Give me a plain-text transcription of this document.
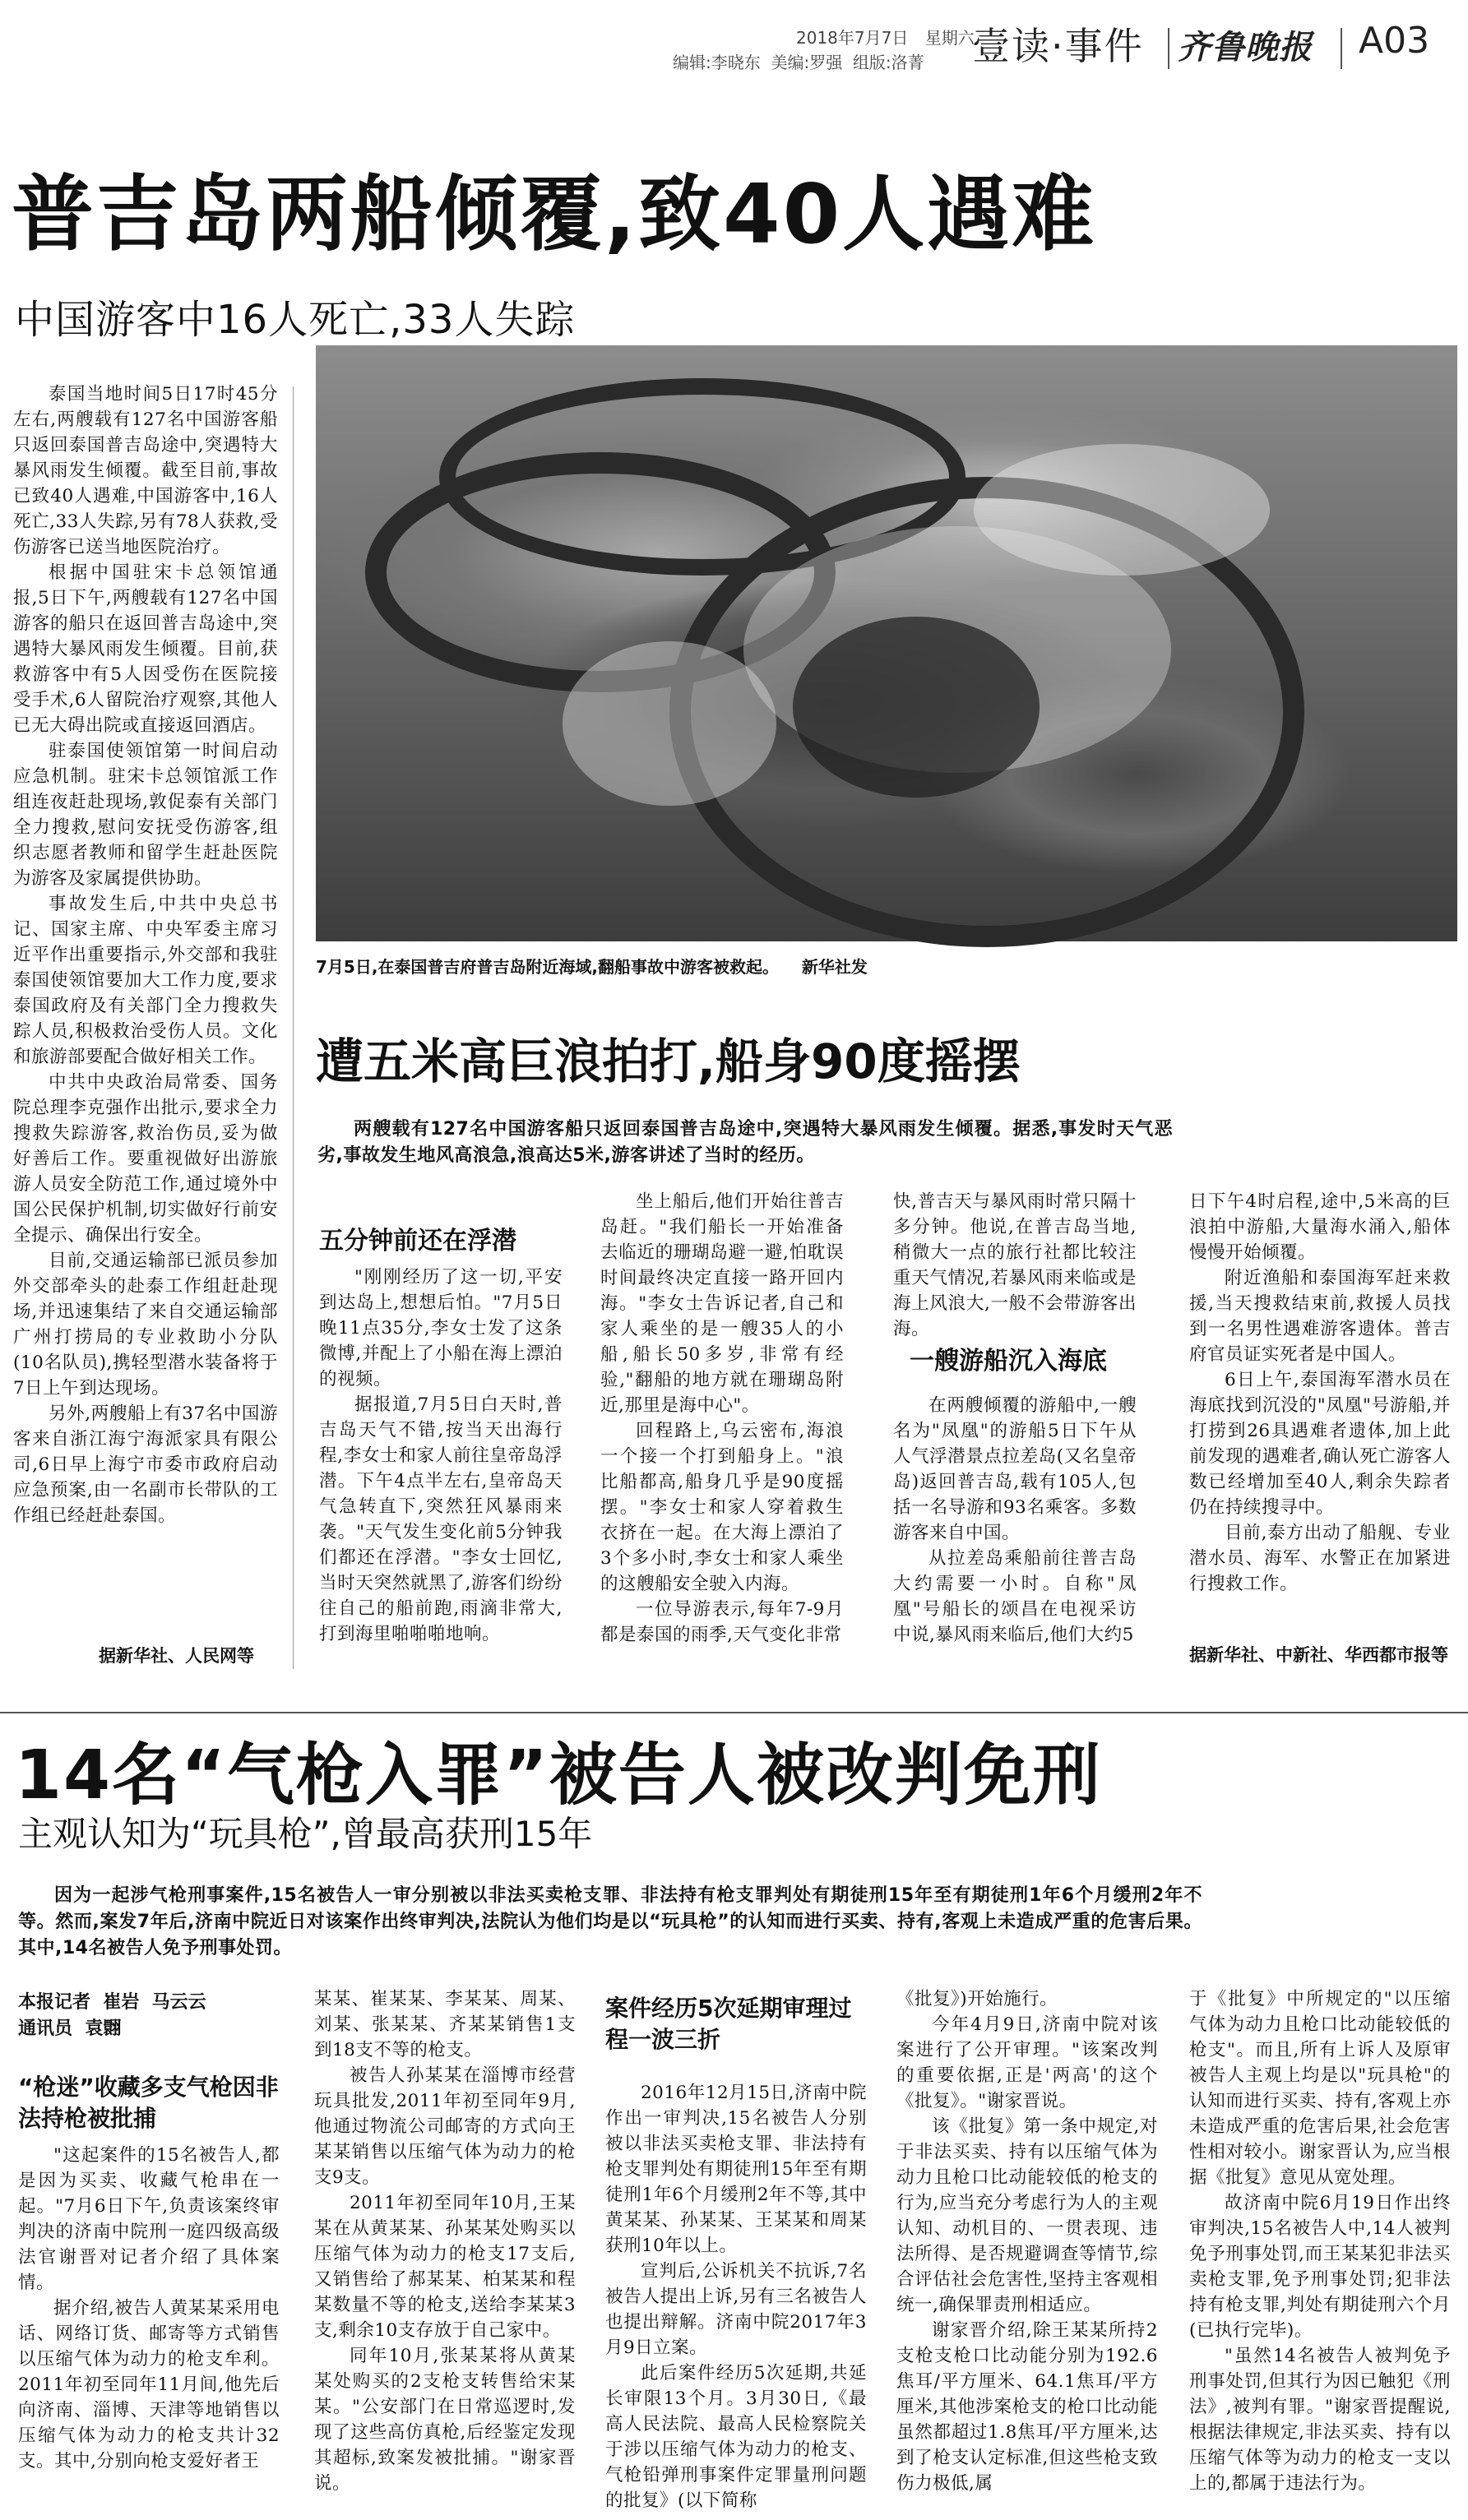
2018年7月7日 星期六
编辑:李晓东  美编:罗强  组版:洛菁 壹读·事件 齐鲁晚报 A03
普吉岛两船倾覆,致40人遇难
中国游客中16人死亡,33人失踪

泰国当地时间5日17时45分左右,两艘载有127名中国游客船只返回泰国普吉岛途中,突遇特大暴风雨发生倾覆。截至目前,事故已致40人遇难,中国游客中,16人死亡,33人失踪,另有78人获救,受伤游客已送当地医院治疗。

根据中国驻宋卡总领馆通报,5日下午,两艘载有127名中国游客的船只在返回普吉岛途中,突遇特大暴风雨发生倾覆。目前,获救游客中有5人因受伤在医院接受手术,6人留院治疗观察,其他人已无大碍出院或直接返回酒店。

驻泰国使领馆第一时间启动应急机制。驻宋卡总领馆派工作组连夜赶赴现场,敦促泰有关部门全力搜救,慰问安抚受伤游客,组织志愿者教师和留学生赶赴医院为游客及家属提供协助。

事故发生后,中共中央总书记、国家主席、中央军委主席习近平作出重要指示,外交部和我驻泰国使领馆要加大工作力度,要求泰国政府及有关部门全力搜救失踪人员,积极救治受伤人员。文化和旅游部要配合做好相关工作。

中共中央政治局常委、国务院总理李克强作出批示,要求全力搜救失踪游客,救治伤员,妥为做好善后工作。要重视做好出游旅游人员安全防范工作,通过境外中国公民保护机制,切实做好行前安全提示、确保出行安全。

目前,交通运输部已派员参加外交部牵头的赴泰工作组赶赴现场,并迅速集结了来自交通运输部广州打捞局的专业救助小分队(10名队员),携轻型潜水装备将于7日上午到达现场。

另外,两艘船上有37名中国游客来自浙江海宁海派家具有限公司,6日早上海宁市委市政府启动应急预案,由一名副市长带队的工作组已经赶赴泰国。

据新华社、人民网等
7月5日,在泰国普吉府普吉岛附近海域,翻船事故中游客被救起。    新华社发
遭五米高巨浪拍打,船身90度摇摆
两艘载有127名中国游客船只返回泰国普吉岛途中,突遇特大暴风雨发生倾覆。据悉,事发时天气恶劣,事故发生地风高浪急,浪高达5米,游客讲述了当时的经历。
五分钟前还在浮潜

"刚刚经历了这一切,平安到达岛上,想想后怕。"7月5日晚11点35分,李女士发了这条微博,并配上了小船在海上漂泊的视频。

据报道,7月5日白天时,普吉岛天气不错,按当天出海行程,李女士和家人前往皇帝岛浮潜。下午4点半左右,皇帝岛天气急转直下,突然狂风暴雨来袭。"天气发生变化前5分钟我们都还在浮潜。"李女士回忆,当时天突然就黑了,游客们纷纷往自己的船前跑,雨滴非常大,打到海里啪啪啪地响。

坐上船后,他们开始往普吉岛赶。"我们船长一开始准备去临近的珊瑚岛避一避,怕耽误时间最终决定直接一路开回内海。"李女士告诉记者,自己和家人乘坐的是一艘35人的小船,船长50多岁,非常有经验,"翻船的地方就在珊瑚岛附近,那里是海中心"。

回程路上,乌云密布,海浪一个接一个打到船身上。"浪比船都高,船身几乎是90度摇摆。"李女士和家人穿着救生衣挤在一起。在大海上漂泊了3个多小时,李女士和家人乘坐的这艘船安全驶入内海。

一位导游表示,每年7-9月都是泰国的雨季,天气变化非常

快,普吉天与暴风雨时常只隔十多分钟。他说,在普吉岛当地,稍微大一点的旅行社都比较注重天气情况,若暴风雨来临或是海上风浪大,一般不会带游客出海。

一艘游船沉入海底

在两艘倾覆的游船中,一艘名为"凤凰"的游船5日下午从人气浮潜景点拉差岛(又名皇帝岛)返回普吉岛,载有105人,包括一名导游和93名乘客。多数游客来自中国。

从拉差岛乘船前往普吉岛大约需要一小时。自称"凤凰"号船长的颂昌在电视采访中说,暴风雨来临后,他们大约5

日下午4时启程,途中,5米高的巨浪拍中游船,大量海水涌入,船体慢慢开始倾覆。

附近渔船和泰国海军赶来救援,当天搜救结束前,救援人员找到一名男性遇难游客遗体。普吉府官员证实死者是中国人。

6日上午,泰国海军潜水员在海底找到沉没的"凤凰"号游船,并打捞到26具遇难者遗体,加上此前发现的遇难者,确认死亡游客人数已经增加至40人,剩余失踪者仍在持续搜寻中。

目前,泰方出动了船舰、专业潜水员、海军、水警正在加紧进行搜救工作。

据新华社、中新社、华西都市报等
14名“气枪入罪”被告人被改判免刑
主观认知为“玩具枪”,曾最高获刑15年
因为一起涉气枪刑事案件,15名被告人一审分别被以非法买卖枪支罪、非法持有枪支罪判处有期徒刑15年至有期徒刑1年6个月缓刑2年不等。然而,案发7年后,济南中院近日对该案作出终审判决,法院认为他们均是以“玩具枪”的认知而进行买卖、持有,客观上未造成严重的危害后果。其中,14名被告人免予刑事处罚。
本报记者  崔岩  马云云
通讯员  袁翾
“枪迷”收藏多支气枪因非法持枪被批捕

"这起案件的15名被告人,都是因为买卖、收藏气枪串在一起。"7月6日下午,负责该案终审判决的济南中院刑一庭四级高级法官谢晋对记者介绍了具体案情。

据介绍,被告人黄某某采用电话、网络订货、邮寄等方式销售以压缩气体为动力的枪支牟利。2011年初至同年11月间,他先后向济南、淄博、天津等地销售以压缩气体为动力的枪支共计32支。其中,分别向枪支爱好者王

某某、崔某某、李某某、周某、刘某、张某某、齐某某销售1支到18支不等的枪支。

被告人孙某某在淄博市经营玩具批发,2011年初至同年9月,他通过物流公司邮寄的方式向王某某销售以压缩气体为动力的枪支9支。

2011年初至同年10月,王某某在从黄某某、孙某某处购买以压缩气体为动力的枪支17支后,又销售给了郝某某、柏某某和程某数量不等的枪支,送给李某某3支,剩余10支存放于自己家中。

同年10月,张某某将从黄某某处购买的2支枪支转售给宋某某。"公安部门在日常巡逻时,发现了这些高仿真枪,后经鉴定发现其超标,致案发被批捕。"谢家晋说。

案件经历5次延期审理过程一波三折

2016年12月15日,济南中院作出一审判决,15名被告人分别被以非法买卖枪支罪、非法持有枪支罪判处有期徒刑15年至有期徒刑1年6个月缓刑2年不等,其中黄某某、孙某某、王某某和周某获刑10年以上。

宣判后,公诉机关不抗诉,7名被告人提出上诉,另有三名被告人也提出辩解。济南中院2017年3月9日立案。

此后案件经历5次延期,共延长审限13个月。3月30日,《最高人民法院、最高人民检察院关于涉以压缩气体为动力的枪支、气枪铅弹刑事案件定罪量刑问题的批复》(以下简称

《批复》)开始施行。

今年4月9日,济南中院对该案进行了公开审理。"该案改判的重要依据,正是'两高'的这个《批复》。"谢家晋说。

该《批复》第一条中规定,对于非法买卖、持有以压缩气体为动力且枪口比动能较低的枪支的行为,应当充分考虑行为人的主观认知、动机目的、一贯表现、违法所得、是否规避调查等情节,综合评估社会危害性,坚持主客观相统一,确保罪责刑相适应。

谢家晋介绍,除王某某所持2支枪支枪口比动能分别为192.6焦耳/平方厘米、64.1焦耳/平方厘米,其他涉案枪支的枪口比动能虽然都超过1.8焦耳/平方厘米,达到了枪支认定标准,但这些枪支致伤力极低,属

于《批复》中所规定的"以压缩气体为动力且枪口比动能较低的枪支"。而且,所有上诉人及原审被告人主观上均是以"玩具枪"的认知而进行买卖、持有,客观上亦未造成严重的危害后果,社会危害性相对较小。谢家晋认为,应当根据《批复》意见从宽处理。

故济南中院6月19日作出终审判决,15名被告人中,14人被判免予刑事处罚,而王某某犯非法买卖枪支罪,免予刑事处罚;犯非法持有枪支罪,判处有期徒刑六个月(已执行完毕)。

"虽然14名被告人被判免予刑事处罚,但其行为因已触犯《刑法》,被判有罪。"谢家晋提醒说,根据法律规定,非法买卖、持有以压缩气体等为动力的枪支一支以上的,都属于违法行为。
